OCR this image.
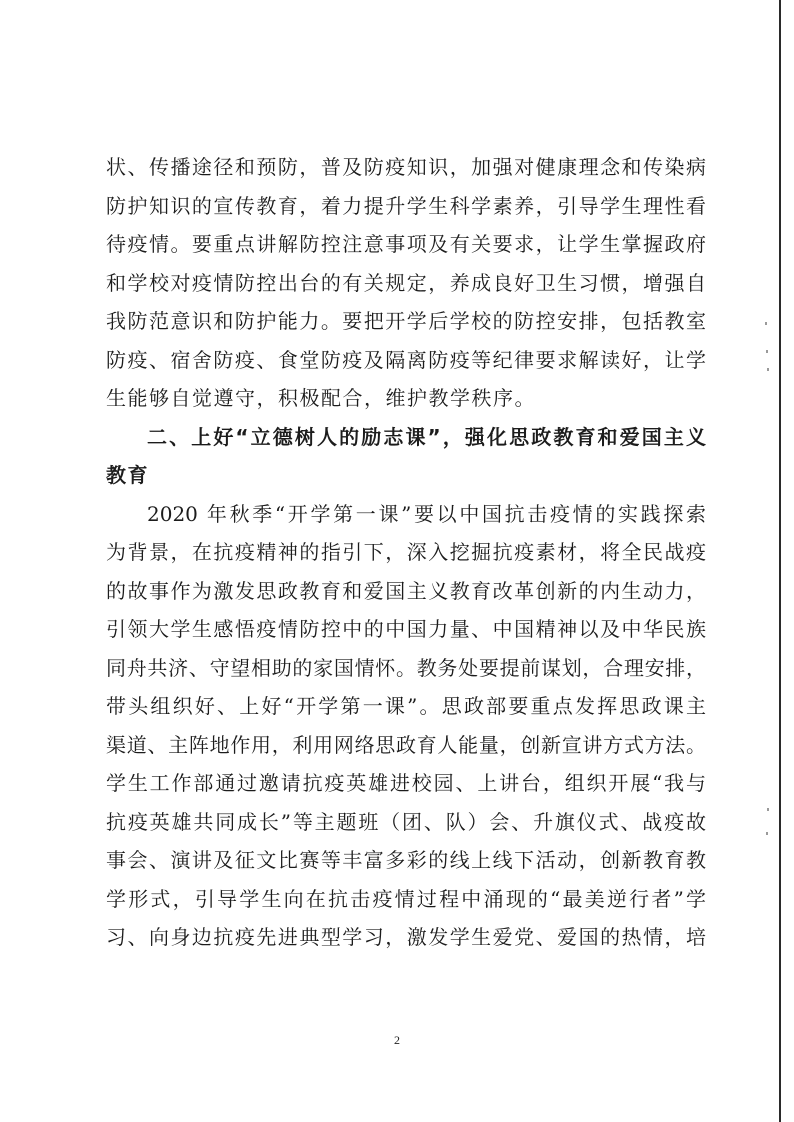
状、传播途径和预防，普及防疫知识，加强对健康理念和传染病
防护知识的宣传教育，着力提升学生科学素养，引导学生理性看
待疫情。要重点讲解防控注意事项及有关要求，让学生掌握政府
和学校对疫情防控出台的有关规定，养成良好卫生习惯，增强自
我防范意识和防护能力。要把开学后学校的防控安排，包括教室
防疫、宿舍防疫、食堂防疫及隔离防疫等纪律要求解读好，让学
生能够自觉遵守，积极配合，维护教学秩序。
二、上好“立德树人的励志课”，强化思政教育和爱国主义
教育
2020 年秋季“开学第一课”要以中国抗击疫情的实践探索
为背景，在抗疫精神的指引下，深入挖掘抗疫素材，将全民战疫
的故事作为激发思政教育和爱国主义教育改革创新的内生动力，
引领大学生感悟疫情防控中的中国力量、中国精神以及中华民族
同舟共济、守望相助的家国情怀。教务处要提前谋划，合理安排，
带头组织好、上好“开学第一课”。思政部要重点发挥思政课主
渠道、主阵地作用，利用网络思政育人能量，创新宣讲方式方法。
学生工作部通过邀请抗疫英雄进校园、上讲台，组织开展“我与
抗疫英雄共同成长”等主题班（团、队）会、升旗仪式、战疫故
事会、演讲及征文比赛等丰富多彩的线上线下活动，创新教育教
学形式，引导学生向在抗击疫情过程中涌现的“最美逆行者”学
习、向身边抗疫先进典型学习，激发学生爱党、爱国的热情，培
2
